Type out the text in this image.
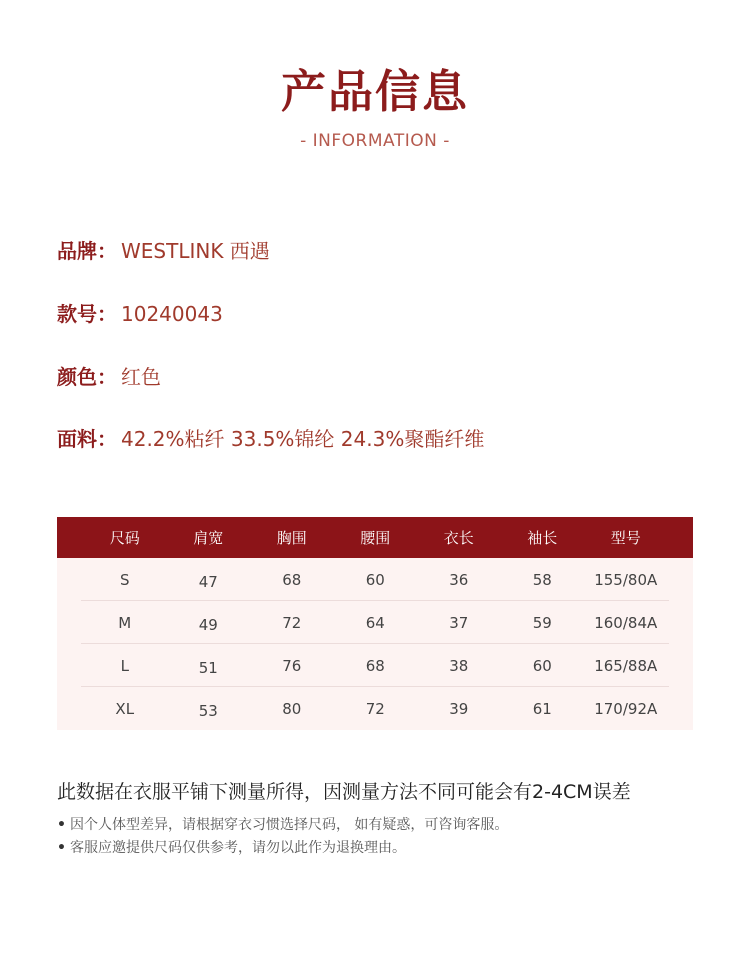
产品信息
- INFORMATION -
品牌： WESTLINK 西遇
款号： 10240043
颜色： 红色
面料： 42.2%粘纤 33.5%锦纶 24.3%聚酯纤维
尺码	肩宽	胸围	腰围	衣长	袖长	型号
S	47	68	60	36	58	155/80A
M	49	72	64	37	59	160/84A
L	51	76	68	38	60	165/88A
XL	53	80	72	39	61	170/92A
此数据在衣服平铺下测量所得，因测量方法不同可能会有2-4CM误差
• 因个人体型差异，请根据穿衣习惯选择尺码， 如有疑惑，可咨询客服。
• 客服应邀提供尺码仅供参考，请勿以此作为退换理由。
